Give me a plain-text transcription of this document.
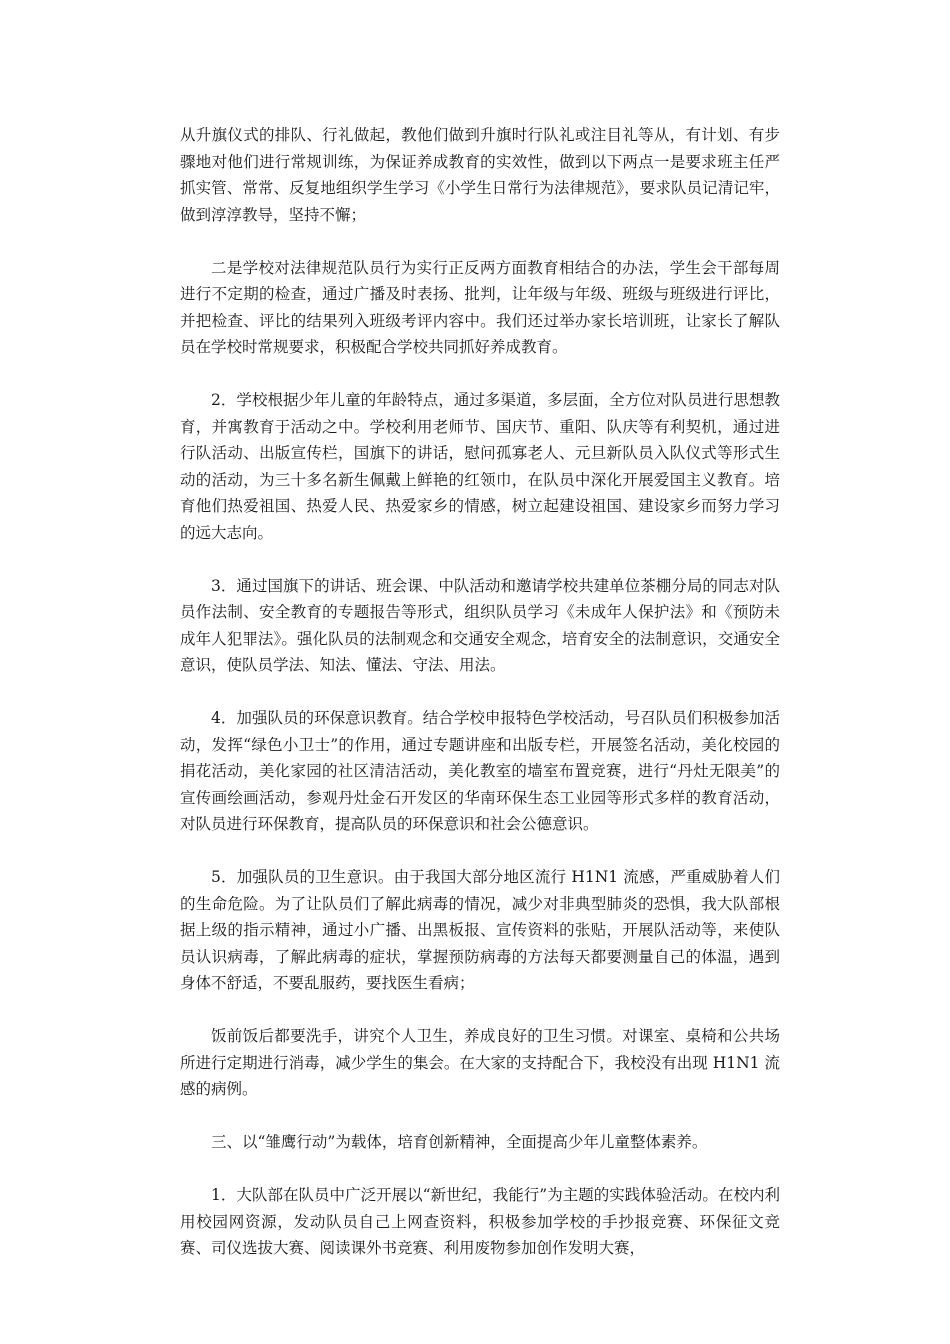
从升旗仪式的排队、行礼做起，教他们做到升旗时行队礼或注目礼等从，有计划、有步骤地对他们进行常规训练，为保证养成教育的实效性，做到以下两点一是要求班主任严抓实管、常常、反复地组织学生学习《小学生日常行为法律规范》，要求队员记清记牢，做到淳淳教导，坚持不懈；

二是学校对法律规范队员行为实行正反两方面教育相结合的办法，学生会干部每周进行不定期的检查，通过广播及时表扬、批判，让年级与年级、班级与班级进行评比，并把检查、评比的结果列入班级考评内容中。我们还过举办家长培训班，让家长了解队员在学校时常规要求，积极配合学校共同抓好养成教育。

2．学校根据少年儿童的年龄特点，通过多渠道，多层面，全方位对队员进行思想教育，并寓教育于活动之中。学校利用老师节、国庆节、重阳、队庆等有利契机，通过进行队活动、出版宣传栏，国旗下的讲话，慰问孤寡老人、元旦新队员入队仪式等形式生动的活动，为三十多名新生佩戴上鲜艳的红领巾，在队员中深化开展爱国主义教育。培育他们热爱祖国、热爱人民、热爱家乡的情感，树立起建设祖国、建设家乡而努力学习的远大志向。

3．通过国旗下的讲话、班会课、中队活动和邀请学校共建单位茶棚分局的同志对队员作法制、安全教育的专题报告等形式，组织队员学习《未成年人保护法》和《预防未成年人犯罪法》。强化队员的法制观念和交通安全观念，培育安全的法制意识，交通安全意识，使队员学法、知法、懂法、守法、用法。

4．加强队员的环保意识教育。结合学校申报特色学校活动，号召队员们积极参加活动，发挥“绿色小卫士”的作用，通过专题讲座和出版专栏，开展签名活动，美化校园的捐花活动，美化家园的社区清洁活动，美化教室的墙室布置竞赛，进行“丹灶无限美”的宣传画绘画活动，参观丹灶金石开发区的华南环保生态工业园等形式多样的教育活动，对队员进行环保教育，提高队员的环保意识和社会公德意识。

5．加强队员的卫生意识。由于我国大部分地区流行 H1N1 流感，严重威胁着人们的生命危险。为了让队员们了解此病毒的情况，减少对非典型肺炎的恐惧，我大队部根据上级的指示精神，通过小广播、出黑板报、宣传资料的张贴，开展队活动等，来使队员认识病毒，了解此病毒的症状，掌握预防病毒的方法每天都要测量自己的体温，遇到身体不舒适，不要乱服药，要找医生看病；

饭前饭后都要洗手，讲究个人卫生，养成良好的卫生习惯。对课室、桌椅和公共场所进行定期进行消毒，减少学生的集会。在大家的支持配合下，我校没有出现 H1N1 流感的病例。

三、以“雏鹰行动”为载体，培育创新精神，全面提高少年儿童整体素养。

1．大队部在队员中广泛开展以“新世纪，我能行”为主题的实践体验活动。在校内利用校园网资源，发动队员自己上网查资料，积极参加学校的手抄报竞赛、环保征文竞赛、司仪选拔大赛、阅读课外书竞赛、利用废物参加创作发明大赛，
